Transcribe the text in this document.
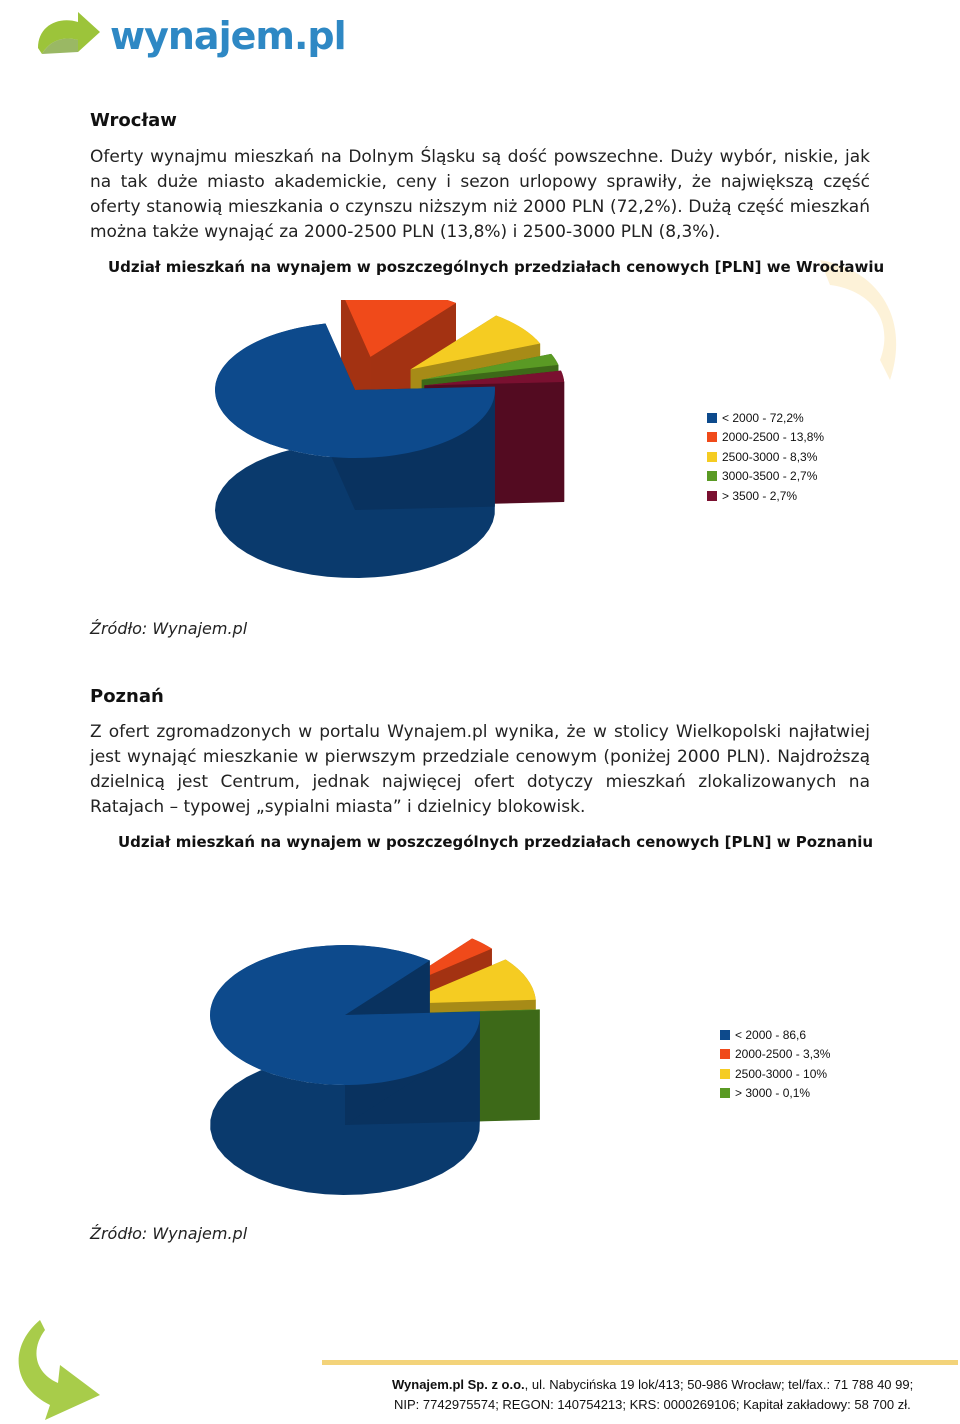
wynajem.pl
Wrocław
Oferty wynajmu mieszkań na Dolnym Śląsku są dość powszechne. Duży wybór, niskie, jak na tak duże miasto akademickie, ceny i sezon urlopowy sprawiły, że największą część oferty stanowią mieszkania o czynszu niższym niż 2000 PLN (72,2%). Dużą część mieszkań można także wynająć za 2000-2500 PLN (13,8%) i 2500-3000 PLN (8,3%).
Udział mieszkań na wynajem w poszczególnych przedziałach cenowych [PLN] we Wrocławiu
< 2000 - 72,2%
2000-2500 - 13,8%
2500-3000 - 8,3%
3000-3500 - 2,7%
> 3500 - 2,7%
Źródło: Wynajem.pl
Poznań
Z ofert zgromadzonych w portalu Wynajem.pl wynika, że w stolicy Wielkopolski najłatwiej jest wynająć mieszkanie w pierwszym przedziale cenowym (poniżej 2000 PLN). Najdroższą dzielnicą jest Centrum, jednak najwięcej ofert dotyczy mieszkań zlokalizowanych na Ratajach – typowej „sypialni miasta” i dzielnicy blokowisk.
Udział mieszkań na wynajem w poszczególnych przedziałach cenowych [PLN] w Poznaniu
< 2000 - 86,6
2000-2500 - 3,3%
2500-3000 - 10%
> 3000 - 0,1%
Źródło: Wynajem.pl
Wynajem.pl Sp. z o.o., ul. Nabycińska 19 lok/413; 50-986 Wrocław; tel/fax.: 71 788 40 99;
NIP: 7742975574; REGON: 140754213; KRS: 0000269106; Kapitał zakładowy: 58 700 zł.
